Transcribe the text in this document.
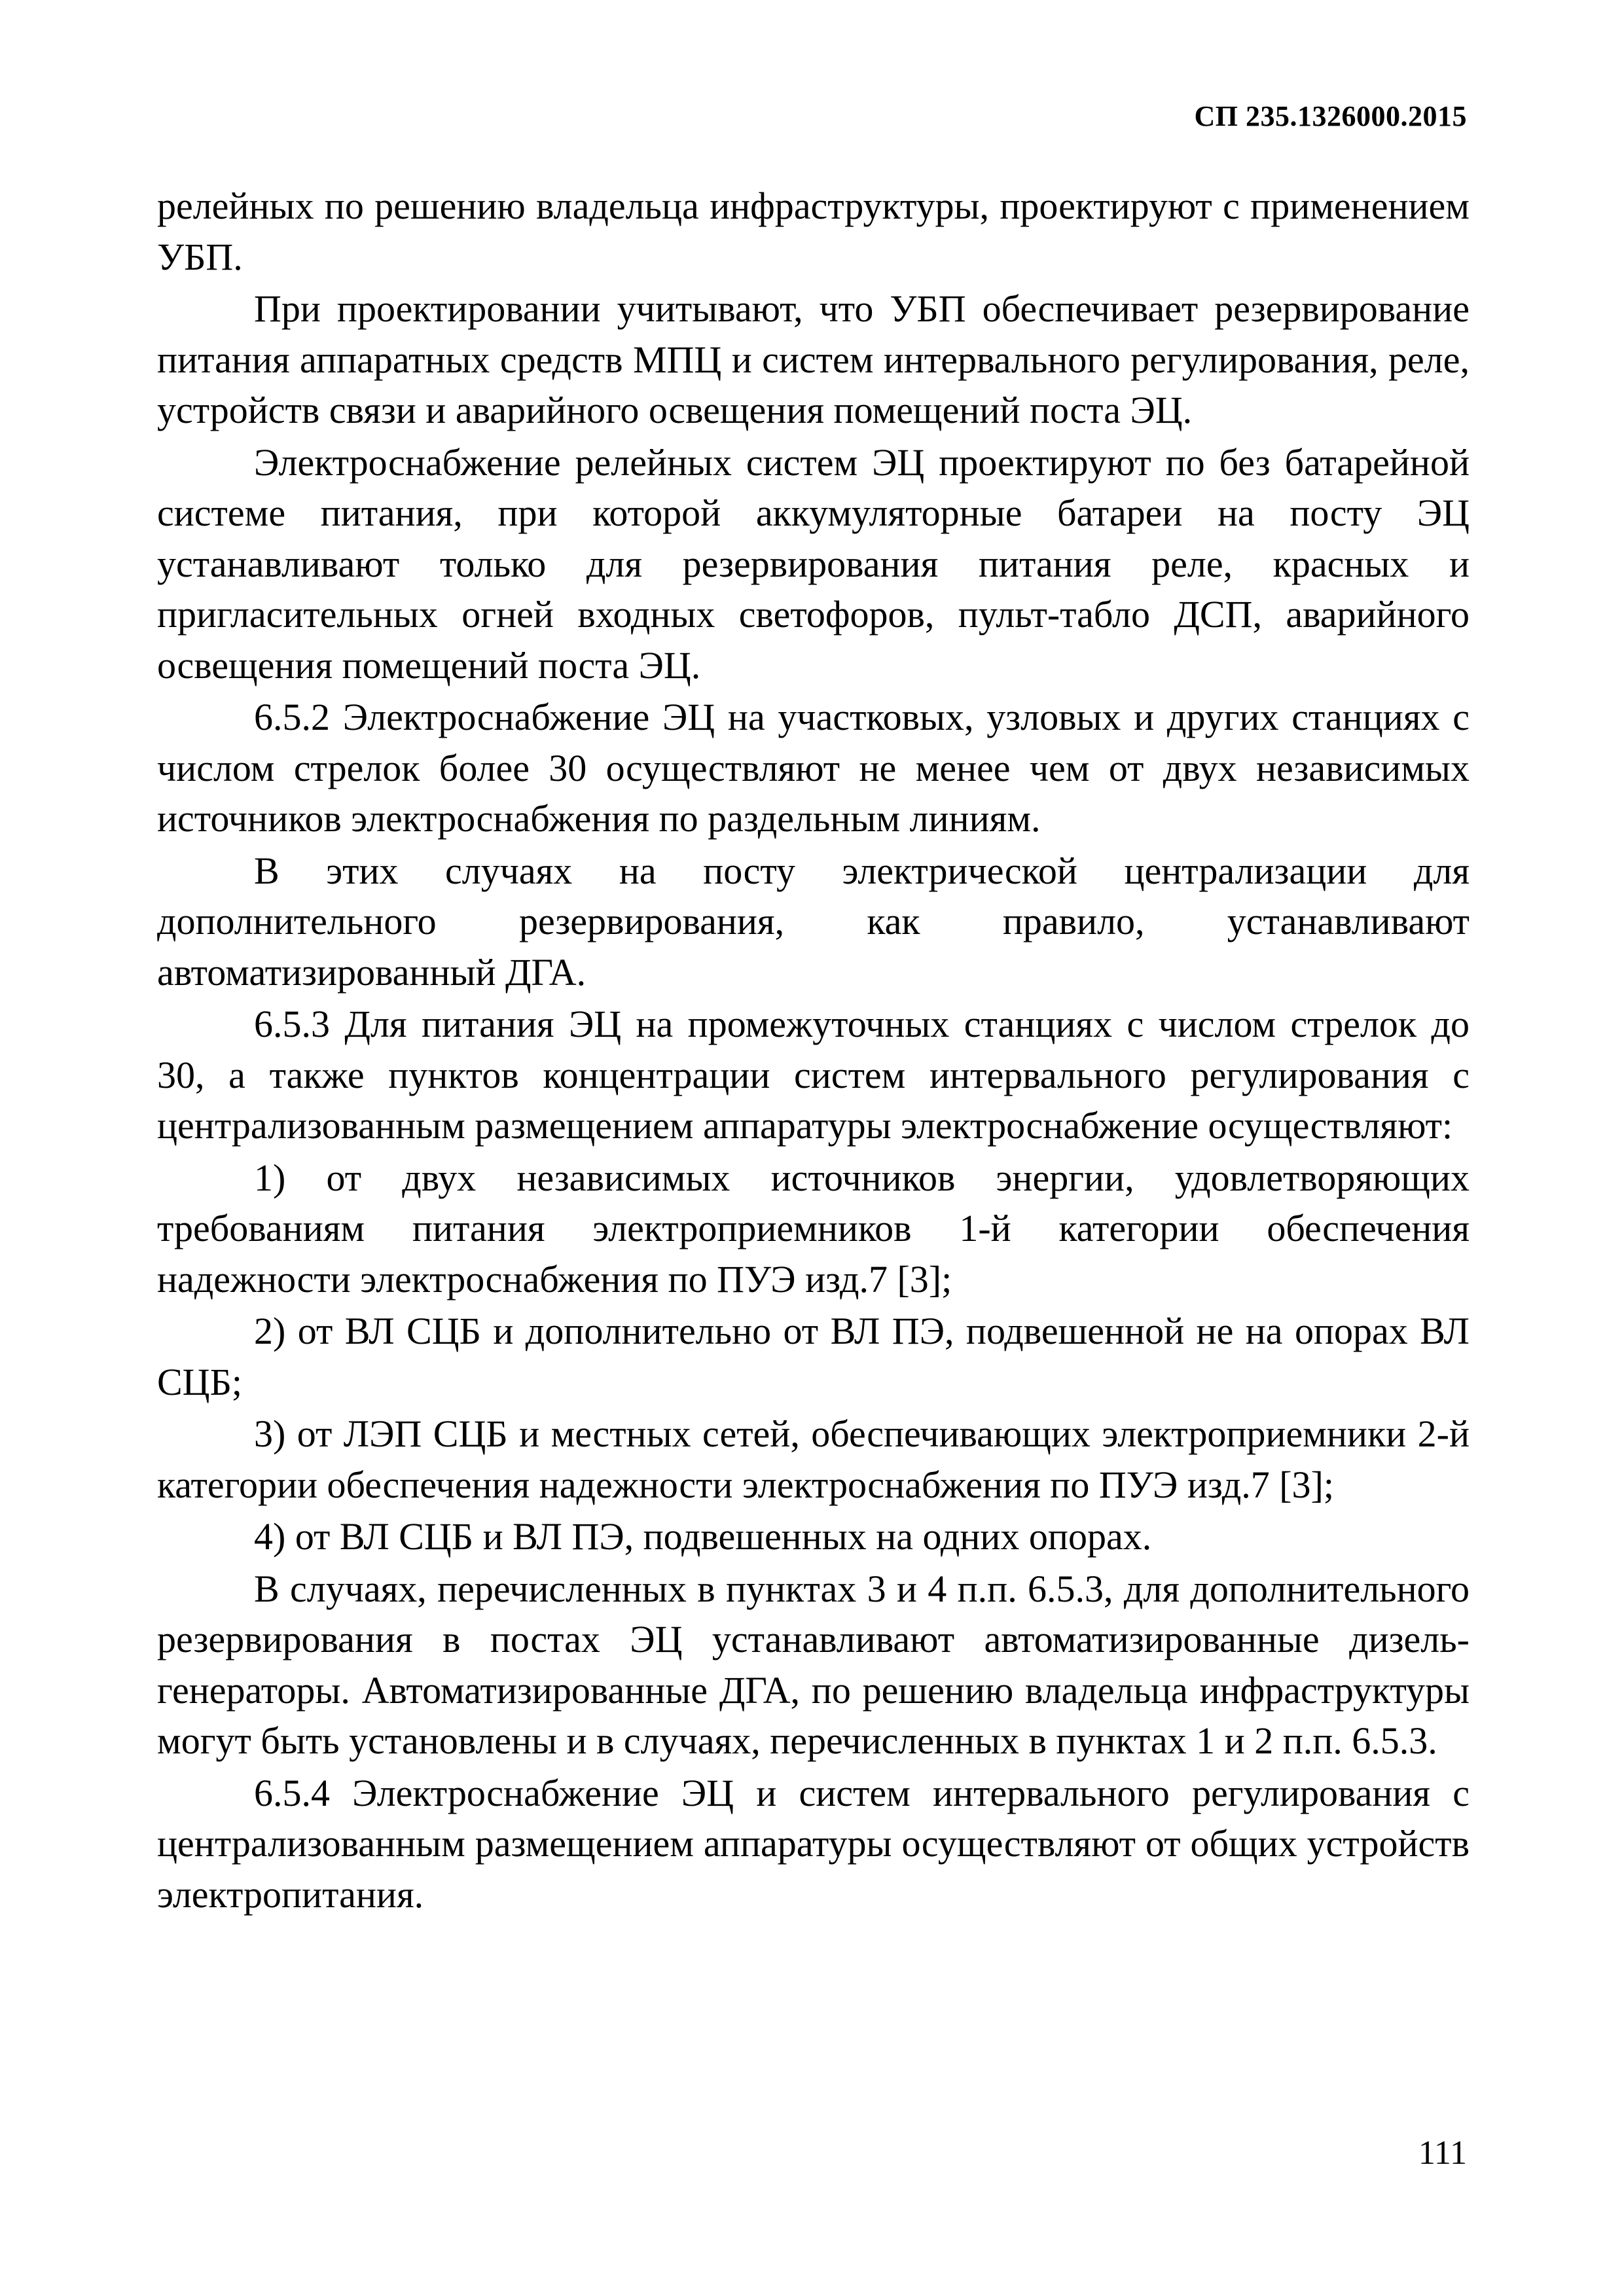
СП 235.1326000.2015

релейных по решению владельца инфраструктуры, проектируют с применением УБП.

При проектировании учитывают, что УБП обеспечивает резервирование питания аппаратных средств МПЦ и систем интервального регулирования, реле, устройств связи и аварийного освещения помещений поста ЭЦ.

Электроснабжение релейных систем ЭЦ проектируют по без батарейной системе питания, при которой аккумуляторные батареи на посту ЭЦ устанавливают только для резервирования питания реле, красных и пригласительных огней входных светофоров, пульт-табло ДСП, аварийного освещения помещений поста ЭЦ.

6.5.2 Электроснабжение ЭЦ на участковых, узловых и других станциях с числом стрелок более 30 осуществляют не менее чем от двух независимых источников электроснабжения по раздельным линиям.

В этих случаях на посту электрической централизации для дополнительного резервирования, как правило, устанавливают автоматизированный ДГА.

6.5.3 Для питания ЭЦ на промежуточных станциях с числом стрелок до 30, а также пунктов концентрации систем интервального регулирования с централизованным размещением аппаратуры электроснабжение осуществляют:

1) от двух независимых источников энергии, удовлетворяющих требованиям питания электроприемников 1-й категории обеспечения надежности электроснабжения по ПУЭ изд.7 [3];

2) от ВЛ СЦБ и дополнительно от ВЛ ПЭ, подвешенной не на опорах ВЛ СЦБ;

3) от ЛЭП СЦБ и местных сетей, обеспечивающих электроприемники 2-й категории обеспечения надежности электроснабжения по ПУЭ изд.7 [3];

4) от ВЛ СЦБ и ВЛ ПЭ, подвешенных на одних опорах.

В случаях, перечисленных в пунктах 3 и 4 п.п. 6.5.3, для дополнительного резервирования в постах ЭЦ устанавливают автоматизированные дизель-генераторы. Автоматизированные ДГА, по решению владельца инфраструктуры могут быть установлены и в случаях, перечисленных в пунктах 1 и 2 п.п. 6.5.3.

6.5.4 Электроснабжение ЭЦ и систем интервального регулирования с централизованным размещением аппаратуры осуществляют от общих устройств электропитания.

111
